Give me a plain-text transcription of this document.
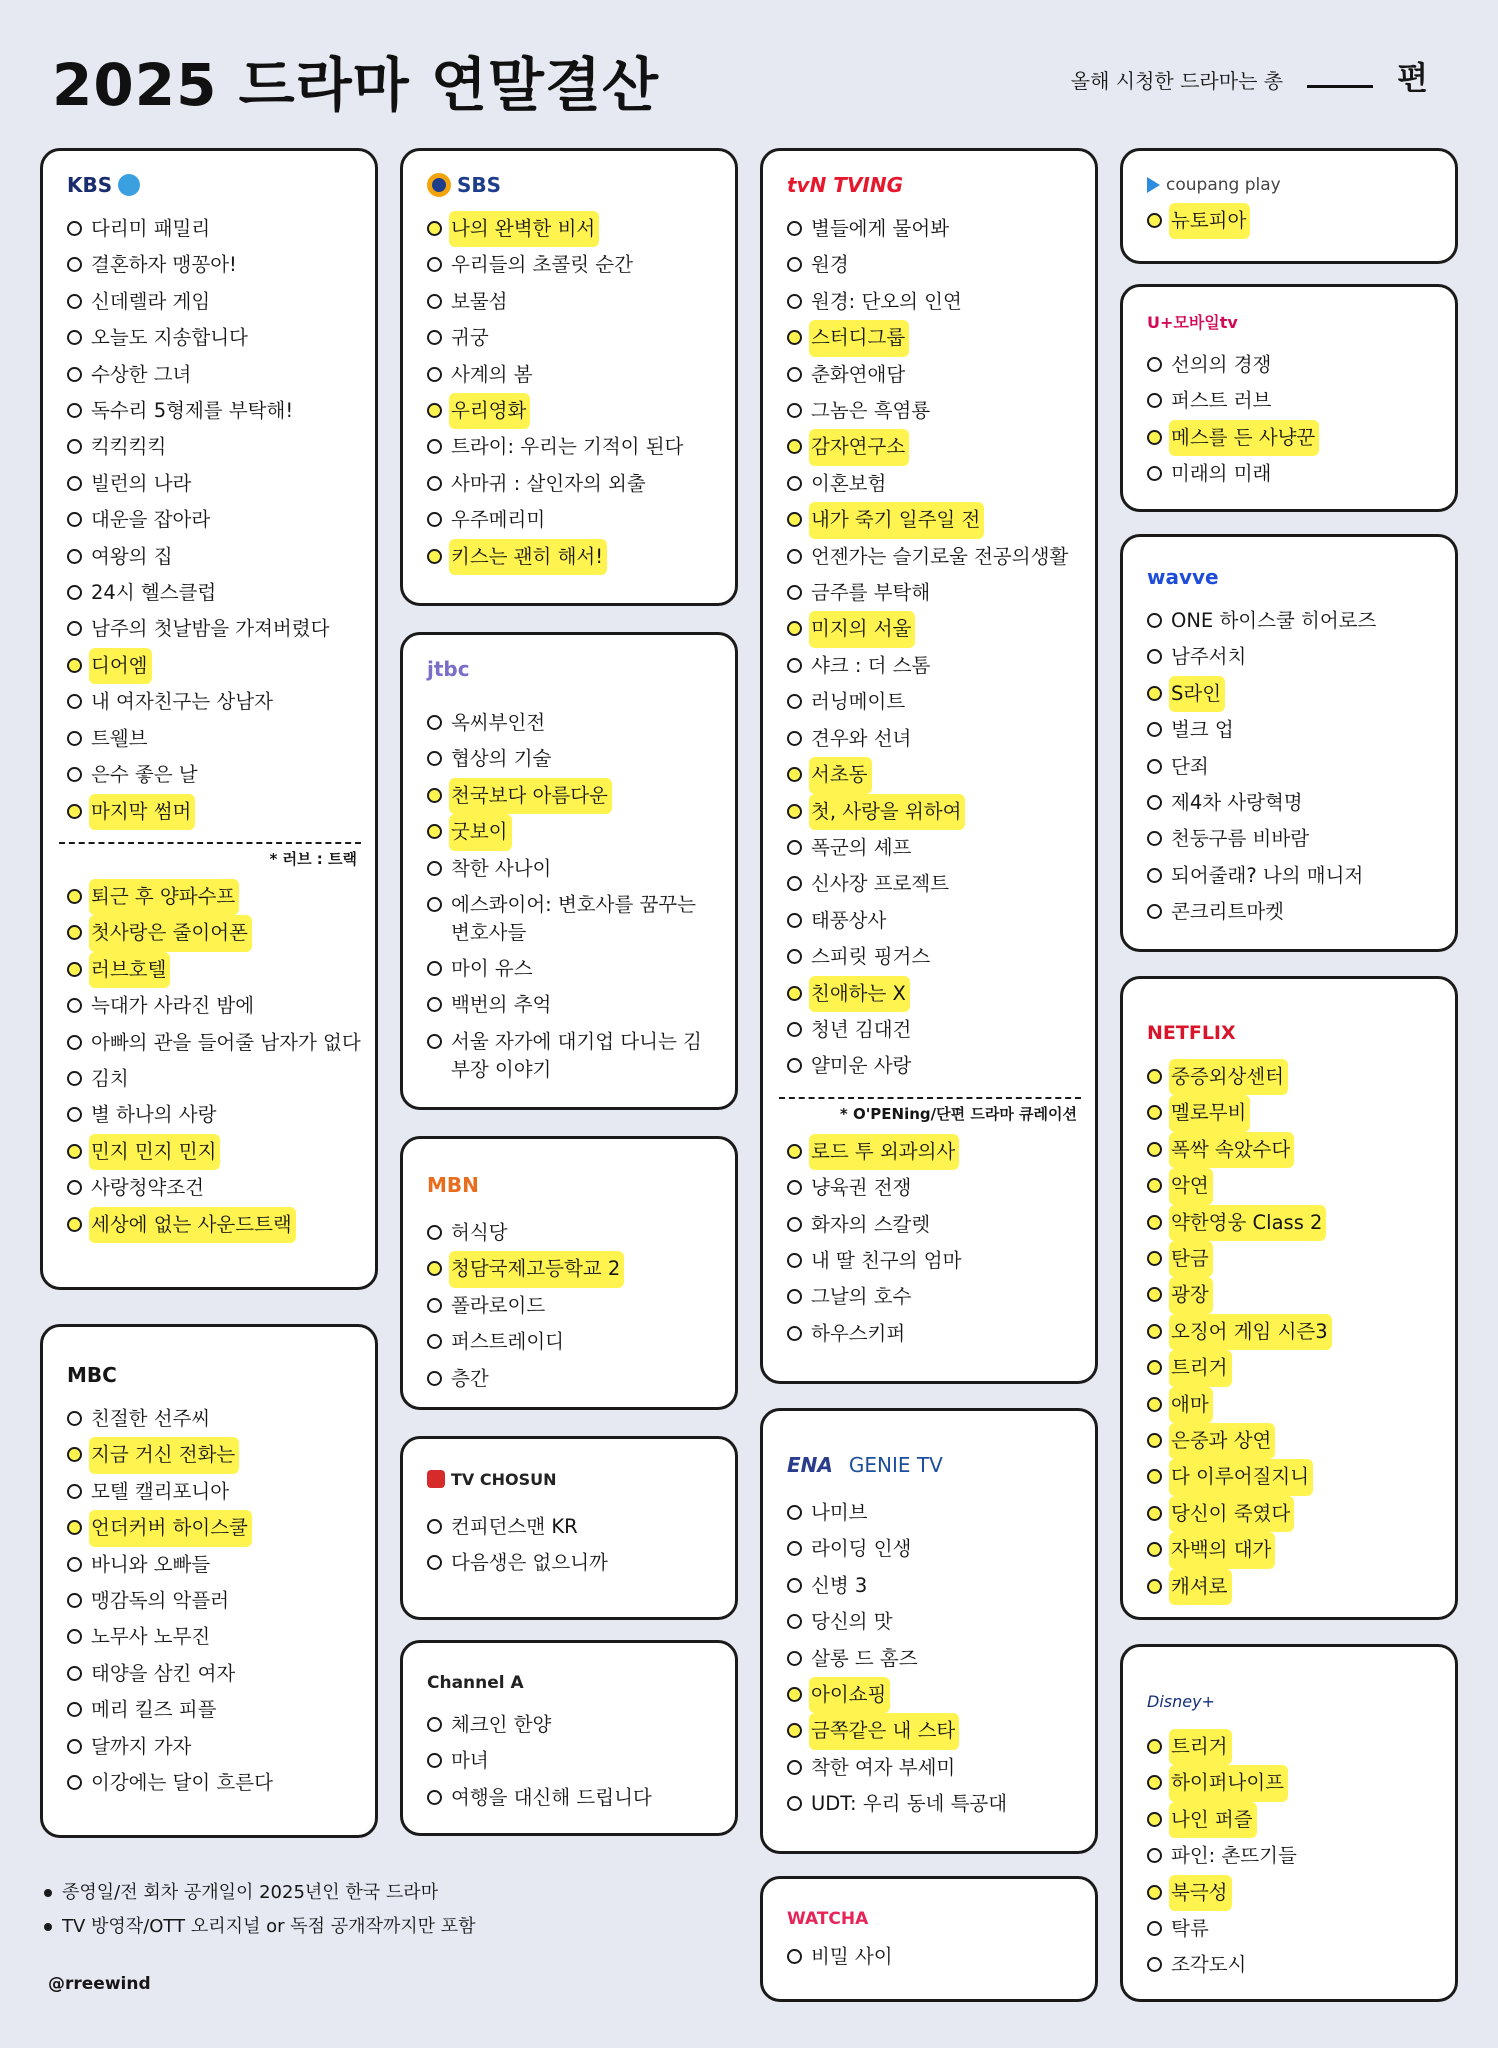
2025 드라마 연말결산	올해 시청한 드라마는 총	편
KBS
다리미 패밀리
결혼하자 맹꽁아!
신데렐라 게임
오늘도 지송합니다
수상한 그녀
독수리 5형제를 부탁해!
킥킥킥킥
빌런의 나라
대운을 잡아라
여왕의 집
24시 헬스클럽
남주의 첫날밤을 가져버렸다
디어엠
내 여자친구는 상남자
트웰브
은수 좋은 날
마지막 썸머
* 러브 : 트랙
퇴근 후 양파수프
첫사랑은 줄이어폰
러브호텔
늑대가 사라진 밤에
아빠의 관을 들어줄 남자가 없다
김치
별 하나의 사랑
민지 민지 민지
사랑청약조건
세상에 없는 사운드트랙
MBC
친절한 선주씨
지금 거신 전화는
모텔 캘리포니아
언더커버 하이스쿨
바니와 오빠들
맹감독의 악플러
노무사 노무진
태양을 삼킨 여자
메리 킬즈 피플
달까지 가자
이강에는 달이 흐른다
SBS
나의 완벽한 비서
우리들의 초콜릿 순간
보물섬
귀궁
사계의 봄
우리영화
트라이: 우리는 기적이 된다
사마귀 : 살인자의 외출
우주메리미
키스는 괜히 해서!
jtbc
옥씨부인전
협상의 기술
천국보다 아름다운
굿보이
착한 사나이
에스콰이어: 변호사를 꿈꾸는 변호사들
마이 유스
백번의 추억
서울 자가에 대기업 다니는 김 부장 이야기
MBN
허식당
청담국제고등학교 2
폴라로이드
퍼스트레이디
층간
TV CHOSUN
컨피던스맨 KR
다음생은 없으니까
Channel A
체크인 한양
마녀
여행을 대신해 드립니다
tvN TVING
별들에게 물어봐
원경
원경: 단오의 인연
스터디그룹
춘화연애담
그놈은 흑염룡
감자연구소
이혼보험
내가 죽기 일주일 전
언젠가는 슬기로울 전공의생활
금주를 부탁해
미지의 서울
샤크 : 더 스톰
러닝메이트
견우와 선녀
서초동
첫, 사랑을 위하여
폭군의 셰프
신사장 프로젝트
태풍상사
스피릿 핑거스
친애하는 X
청년 김대건
얄미운 사랑
* O'PENing/단편 드라마 큐레이션
로드 투 외과의사
냥육권 전쟁
화자의 스칼렛
내 딸 친구의 엄마
그날의 호수
하우스키퍼
ENA GENIE TV
나미브
라이딩 인생
신병 3
당신의 맛
살롱 드 홈즈
아이쇼핑
금쪽같은 내 스타
착한 여자 부세미
UDT: 우리 동네 특공대
WATCHA
비밀 사이
coupang play
뉴토피아
U+모바일tv
선의의 경쟁
퍼스트 러브
메스를 든 사냥꾼
미래의 미래
wavve
ONE 하이스쿨 히어로즈
남주서치
S라인
벌크 업
단죄
제4차 사랑혁명
천둥구름 비바람
되어줄래? 나의 매니저
콘크리트마켓
NETFLIX
중증외상센터
멜로무비
폭싹 속았수다
악연
약한영웅 Class 2
탄금
광장
오징어 게임 시즌3
트리거
애마
은중과 상연
다 이루어질지니
당신이 죽였다
자백의 대가
캐셔로
Disney+
트리거
하이퍼나이프
나인 퍼즐
파인: 촌뜨기들
북극성
탁류
조각도시
종영일/전 회차 공개일이 2025년인 한국 드라마
TV 방영작/OTT 오리지널 or 독점 공개작까지만 포함
@rreewind
